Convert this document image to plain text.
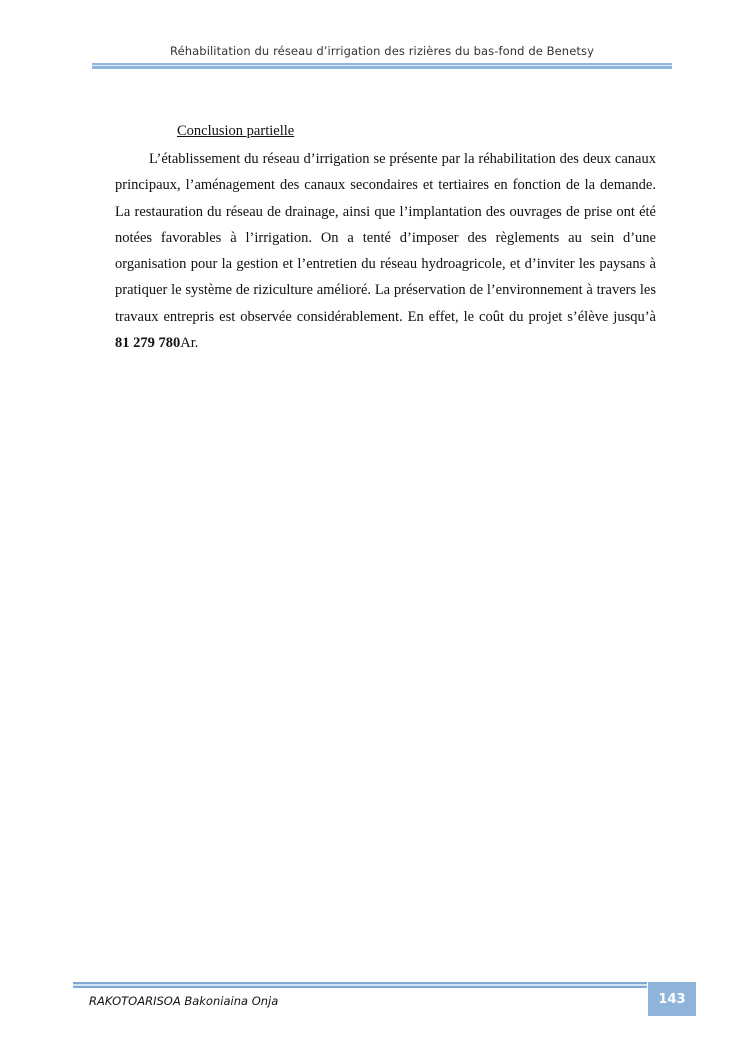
Réhabilitation du réseau d’irrigation des rizières du bas-fond de Benetsy
Conclusion partielle

L’établissement du réseau d’irrigation se présente par la réhabilitation des deux canaux principaux, l’aménagement des canaux secondaires et tertiaires en fonction de la demande. La restauration du réseau de drainage, ainsi que l’implantation des ouvrages de prise ont été notées favorables à l’irrigation. On a tenté d’imposer des règlements au sein d’une organisation pour la gestion et l’entretien du réseau hydroagricole, et d’inviter les paysans à pratiquer le système de riziculture amélioré. La préservation de l’environnement à travers les travaux entrepris est observée considérablement. En effet, le coût du projet s’élève jusqu’à 81 279 780Ar.

RAKOTOARISOA Bakoniaina Onja	143
